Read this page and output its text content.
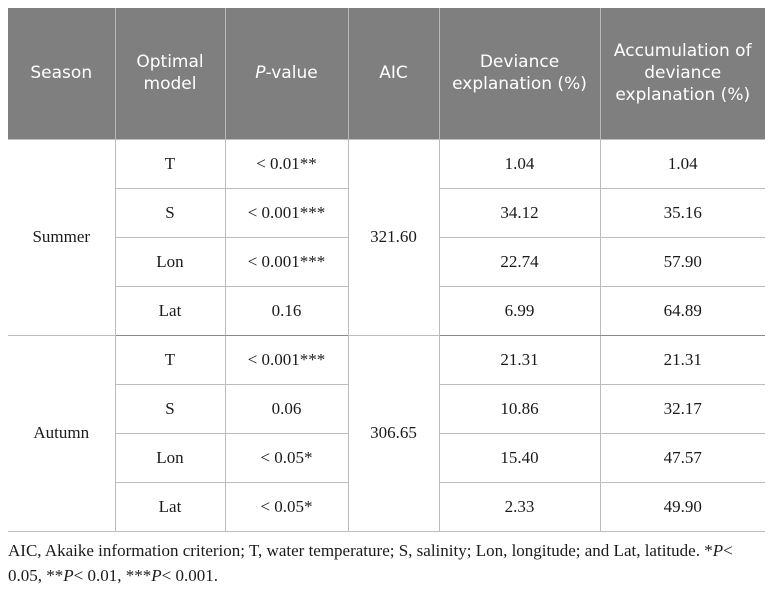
Season	Optimal model	P-value	AIC	Deviance explanation (%)	Accumulation of deviance explanation (%)
Summer	T	< 0.01**	321.60	1.04	1.04
	S	< 0.001***		34.12	35.16
	Lon	< 0.001***		22.74	57.90
	Lat	0.16		6.99	64.89
Autumn	T	< 0.001***	306.65	21.31	21.31
	S	0.06		10.86	32.17
	Lon	< 0.05*		15.40	47.57
	Lat	< 0.05*		2.33	49.90

AIC, Akaike information criterion; T, water temperature; S, salinity; Lon, longitude; and Lat, latitude. *P< 0.05, **P< 0.01, ***P< 0.001.
